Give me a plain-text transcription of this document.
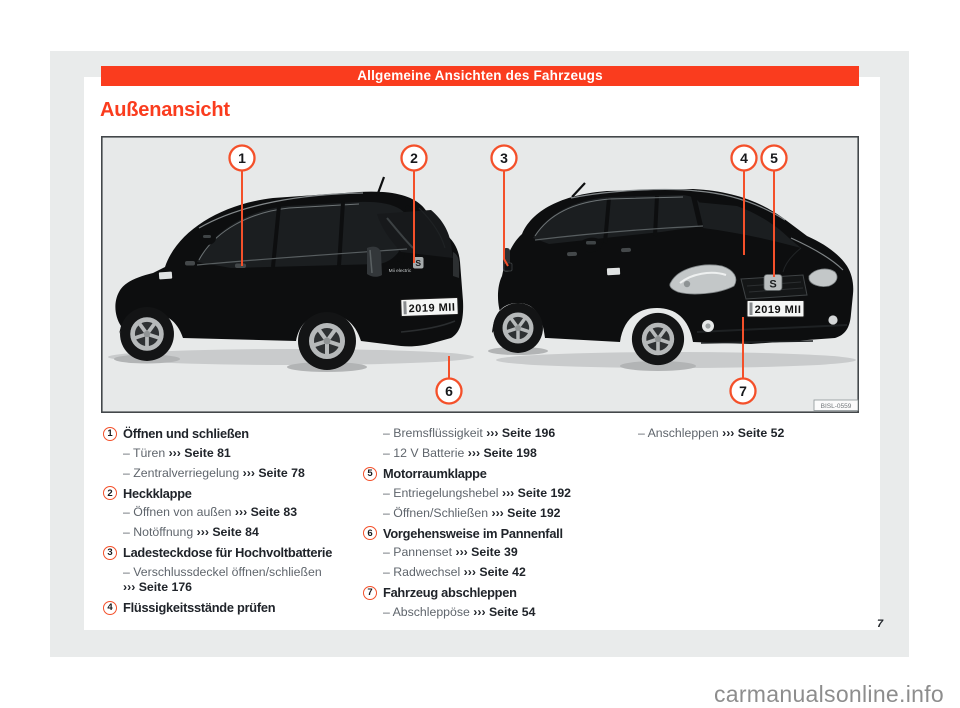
Allgemeine Ansichten des Fahrzeugs
Außenansicht
Mii electric
S
2019 MII
S
2019 MII
1	2	3	4 5
6	7
BISL-0559
1 Öffnen und schließen
– Türen ››› Seite 81
– Zentralverriegelung ››› Seite 78
2 Heckklappe
– Öffnen von außen ››› Seite 83
– Notöffnung ››› Seite 84
3 Ladesteckdose für Hochvoltbatterie
– Verschlussdeckel öffnen/schließen ››› Seite 176
4 Flüssigkeitsstände prüfen
– Bremsflüssigkeit ››› Seite 196
– 12 V Batterie ››› Seite 198
5 Motorraumklappe
– Entriegelungshebel ››› Seite 192
– Öffnen/Schließen ››› Seite 192
6 Vorgehensweise im Pannenfall
– Pannenset ››› Seite 39
– Radwechsel ››› Seite 42
7 Fahrzeug abschleppen
– Abschleppöse ››› Seite 54
– Anschleppen ››› Seite 52
7
carmanualsonline.info
